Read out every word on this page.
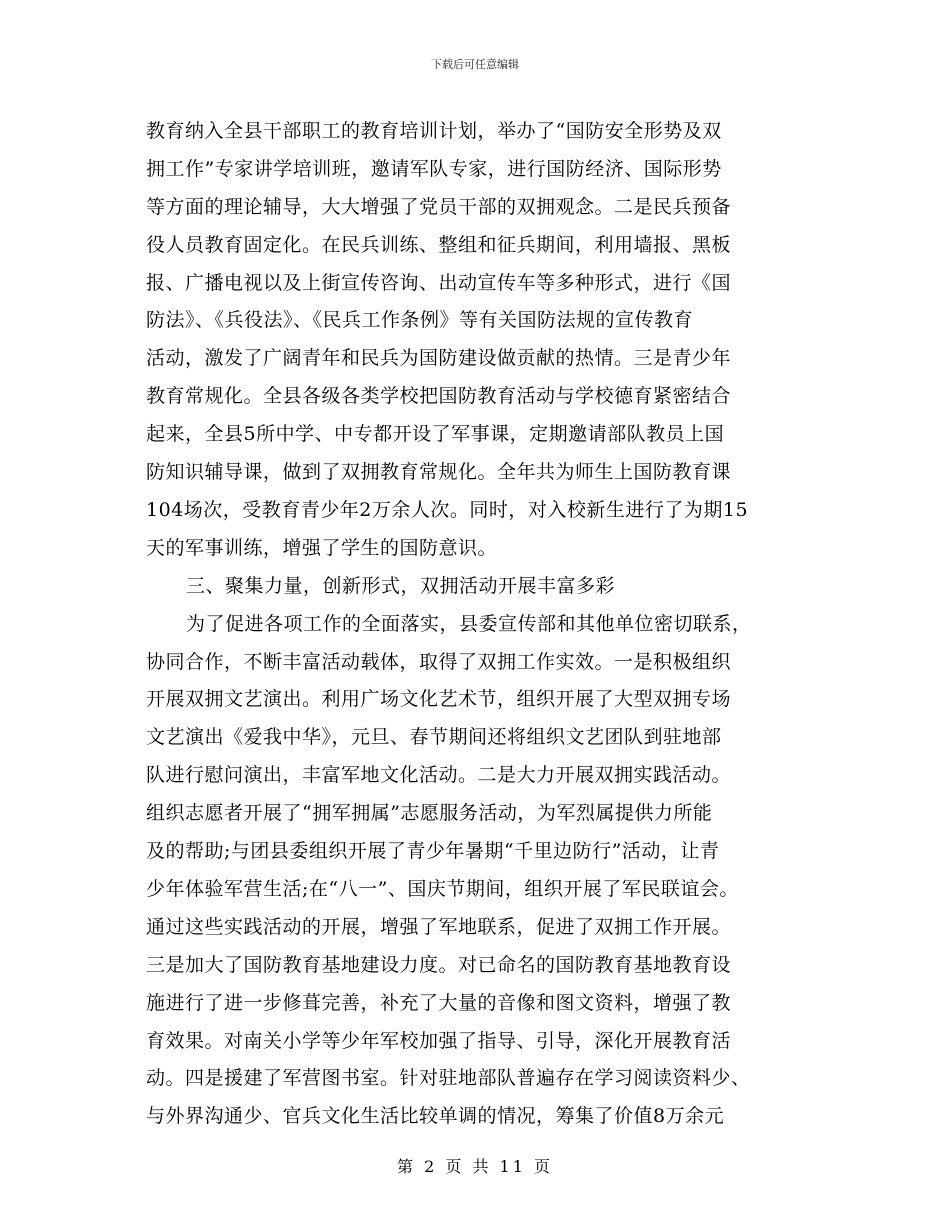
下载后可任意编辑
教育纳入全县干部职工的教育培训计划，举办了“国防安全形势及双
拥工作”专家讲学培训班，邀请军队专家，进行国防经济、国际形势
等方面的理论辅导，大大增强了党员干部的双拥观念。二是民兵预备
役人员教育固定化。在民兵训练、整组和征兵期间，利用墙报、黑板
报、广播电视以及上街宣传咨询、出动宣传车等多种形式，进行《国
防法》、《兵役法》、《民兵工作条例》等有关国防法规的宣传教育
活动，激发了广阔青年和民兵为国防建设做贡献的热情。三是青少年
教育常规化。全县各级各类学校把国防教育活动与学校德育紧密结合
起来，全县5所中学、中专都开设了军事课，定期邀请部队教员上国
防知识辅导课，做到了双拥教育常规化。全年共为师生上国防教育课
104场次，受教育青少年2万余人次。同时，对入校新生进行了为期15
天的军事训练，增强了学生的国防意识。
三、聚集力量，创新形式，双拥活动开展丰富多彩
为了促进各项工作的全面落实，县委宣传部和其他单位密切联系，
协同合作，不断丰富活动载体，取得了双拥工作实效。一是积极组织
开展双拥文艺演出。利用广场文化艺术节，组织开展了大型双拥专场
文艺演出《爱我中华》，元旦、春节期间还将组织文艺团队到驻地部
队进行慰问演出，丰富军地文化活动。二是大力开展双拥实践活动。
组织志愿者开展了“拥军拥属”志愿服务活动，为军烈属提供力所能
及的帮助;与团县委组织开展了青少年暑期“千里边防行”活动，让青
少年体验军营生活;在“八一”、国庆节期间，组织开展了军民联谊会。
通过这些实践活动的开展，增强了军地联系，促进了双拥工作开展。
三是加大了国防教育基地建设力度。对已命名的国防教育基地教育设
施进行了进一步修葺完善，补充了大量的音像和图文资料，增强了教
育效果。对南关小学等少年军校加强了指导、引导，深化开展教育活
动。四是援建了军营图书室。针对驻地部队普遍存在学习阅读资料少、
与外界沟通少、官兵文化生活比较单调的情况，筹集了价值8万余元
第 2 页 共 11 页
